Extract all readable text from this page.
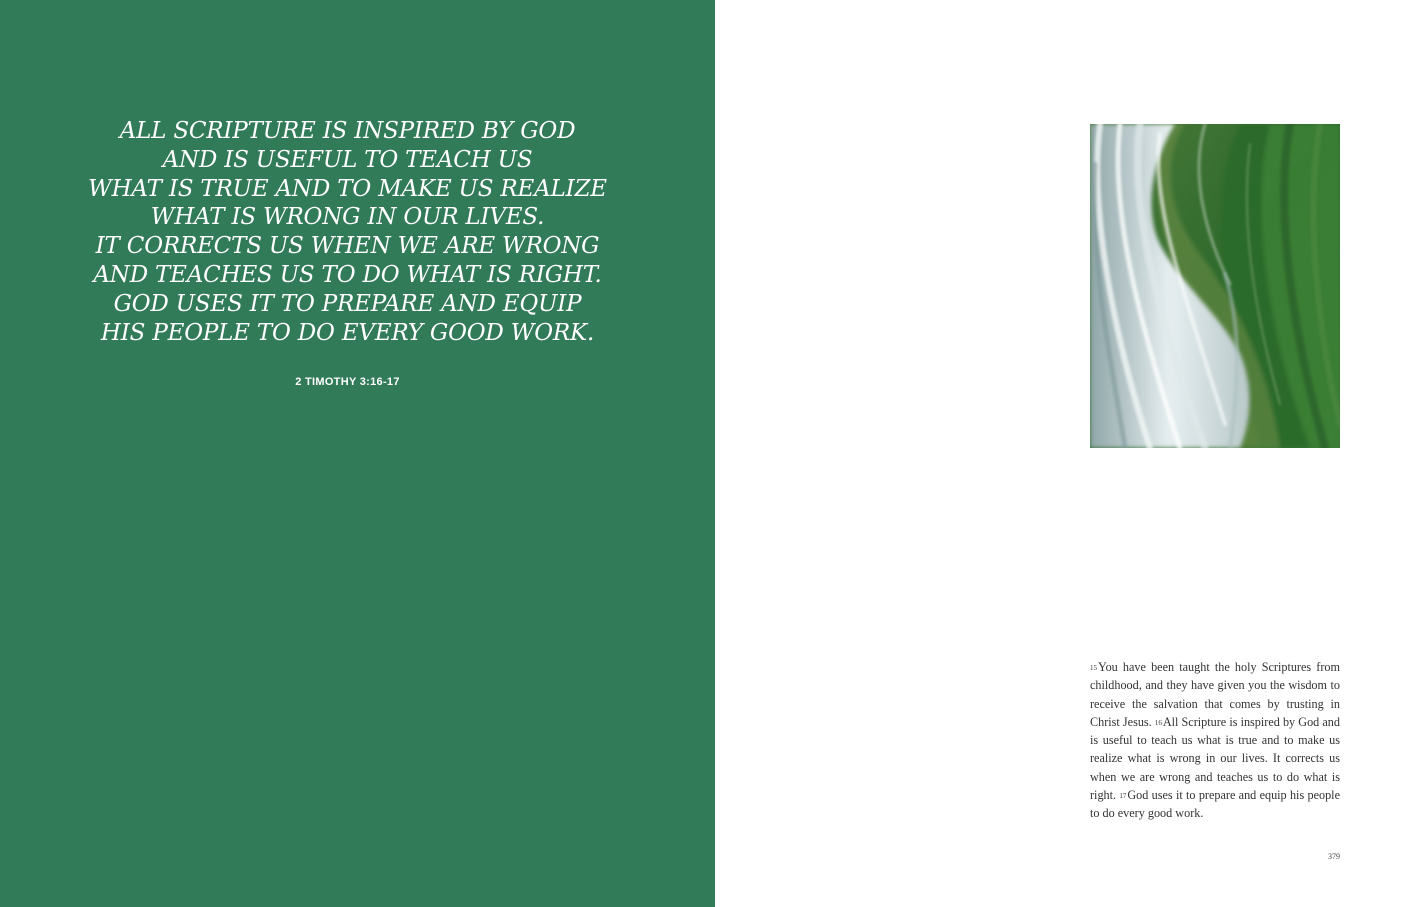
ALL SCRIPTURE IS INSPIRED BY GOD
AND IS USEFUL TO TEACH US
WHAT IS TRUE AND TO MAKE US REALIZE
WHAT IS WRONG IN OUR LIVES.
IT CORRECTS US WHEN WE ARE WRONG
AND TEACHES US TO DO WHAT IS RIGHT.
GOD USES IT TO PREPARE AND EQUIP
HIS PEOPLE TO DO EVERY GOOD WORK.
2 TIMOTHY 3:16-17
$^{15}$You have been taught the holy Scriptures from childhood, and they have given you the wisdom to receive the salvation that comes by trusting in Christ Jesus. $^{16}$All Scripture is inspired by God and is useful to teach us what is true and to make us realize what is wrong in our lives. It corrects us when we are wrong and teaches us to do what is right. $^{17}$God uses it to prepare and equip his people to do every good work.
379
